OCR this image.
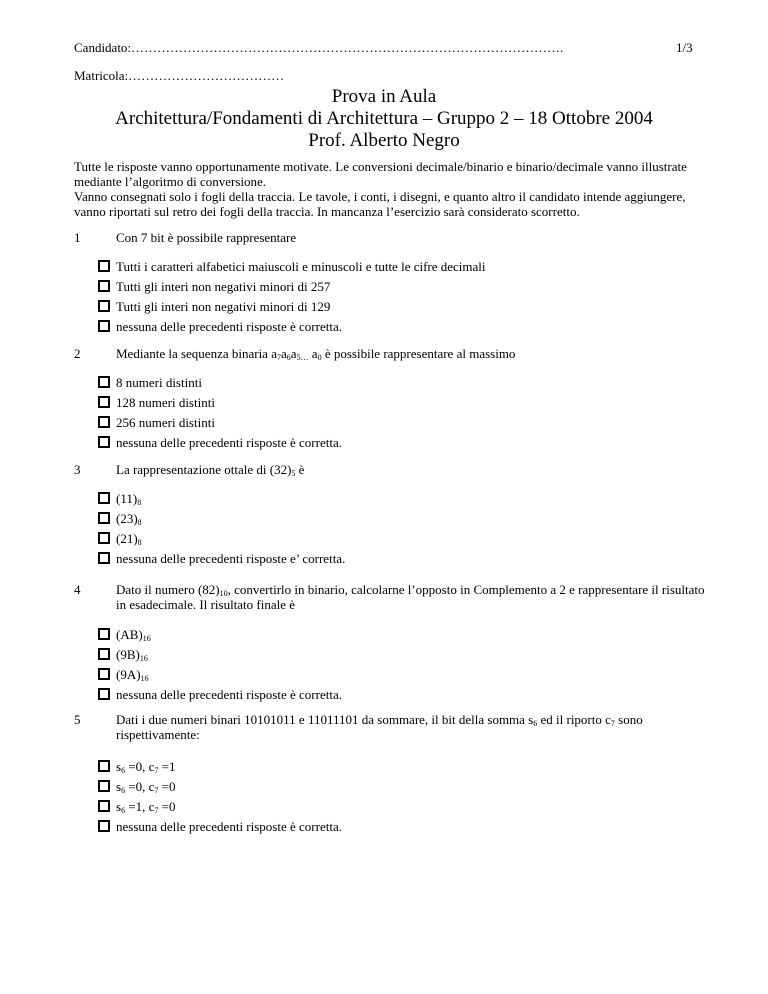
Candidato:……………………………………………………………………………………….	1/3
Matricola:………………………………
Prova in Aula
Architettura/Fondamenti di Architettura – Gruppo 2 – 18 Ottobre 2004
Prof. Alberto Negro

Tutte le risposte vanno opportunamente motivate. Le conversioni decimale/binario e binario/decimale vanno illustrate mediante l’algoritmo di conversione.

Vanno consegnati solo i fogli della traccia. Le tavole, i conti, i disegni, e quanto altro il candidato intende aggiungere, vanno riportati sul retro dei fogli della traccia. In mancanza l’esercizio sarà considerato scorretto.

1	Con 7 bit è possibile rappresentare
Tutti i caratteri alfabetici maiuscoli e minuscoli e tutte le cifre decimali
Tutti gli interi non negativi minori di 257
Tutti gli interi non negativi minori di 129
nessuna delle precedenti risposte è corretta.
2	Mediante la sequenza binaria $a_7a_6a_{5\dots}$ $a_0$ è possibile rappresentare al massimo
8 numeri distinti
128 numeri distinti
256 numeri distinti
nessuna delle precedenti risposte è corretta.
3	La rappresentazione ottale di $(32)_5$ è
$(11)_8$
$(23)_8$
$(21)_8$
nessuna delle precedenti risposte e’ corretta.
4	Dato il numero $(82)_{10}$, convertirlo in binario, calcolarne l’opposto in Complemento a 2 e rappresentare il risultato in esadecimale. Il risultato finale è
$(AB)_{16}$
$(9B)_{16}$
$(9A)_{16}$
nessuna delle precedenti risposte è corretta.
5	Dati i due numeri binari 10101011 e 11011101 da sommare, il bit della somma $s_6$ ed il riporto $c_7$ sono rispettivamente:
$s_6 =0$, $c_7 =1$
$s_6 =0$, $c_7 =0$
$s_6 =1$, $c_7 =0$
nessuna delle precedenti risposte è corretta.
